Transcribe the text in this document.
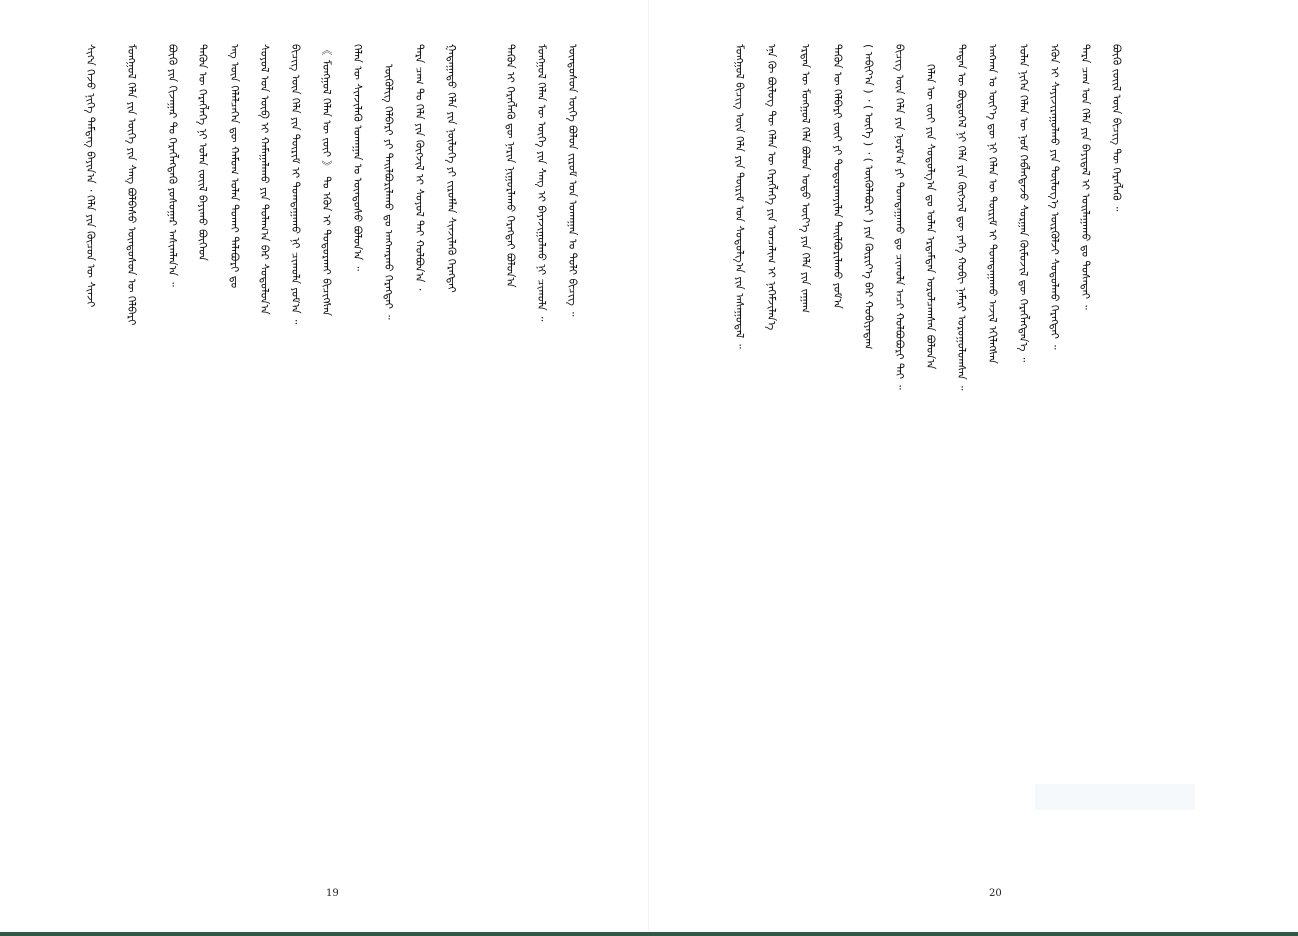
ᠰᠢᠭ᠌ᠠ ᠭᠡᠵᠦ ᠨᠢᠭᠡ ᠲᠡᠮᠳᠡᠭ ᠪᠠᠶᠢᠨ᠎ᠠ ᠂ ᠬᠡᠯᠡ ᠶᠢᠨ ᠬᠦᠴᠦᠨ ᠦ ᠰᠢᠨᠵᠢ	ᠮᠣᠩᠭᠣᠯ ᠬᠡᠯᠡ ᠶᠢᠨ ᠦᠭᠡ ᠶᠢᠨ ᠰᠠᠩ ᠪᠣᠯᠪᠠᠰᠤ ᠦᠨᠳᠦᠰᠦᠨ ᠦ ᠬᠡᠯᠪᠡᠷᠢ	ᠪᠦᠬᠦ ᠶᠢᠨ ᠬᠢᠵᠠᠭᠠᠷ ᠲᠤ ᠬᠡᠷᠡᠭᠯᠡᠭᠳᠡᠬᠦ ᠶᠣᠰᠣᠭᠠᠷ ᠠᠰᠢᠭᠯᠠᠨ᠎ᠠ ᠃ ᠲᠡᠭᠦᠨ ᠦ ᠬᠡᠷᠡᠭᠯᠡᠭᠡ ᠨᠢ ᠣᠯᠠᠨ ᠵᠦᠢᠯ ᠪᠠᠶᠢᠬᠤ ᠪᠥᠭᠡᠳ ᠡᠩ ᠦᠨ ᠬᠡᠯᠡᠯᠴᠡᠭᠡᠨ ᠳᠦ ᠬᠠᠮᠤᠭ ᠣᠯᠠᠨ ᠲᠤᠬᠠᠶ ᠲᠠᠯᠠᠪᠤᠷᠢ ᠳᠤ ᠰᠣᠶᠣᠯ ᠤᠨ ᠦᠪ ᠢ ᠬᠠᠮᠠᠭᠠᠯᠠᠬᠤ ᠶᠢᠨ ᠲᠤᠯᠠᠭ᠎ᠠ ᠪᠠᠷ ᠰᠤᠳᠤᠯᠤᠨ᠎ᠠ ᠪᠢᠴᠢᠭ ᠦᠨ ᠬᠡᠯᠡ ᠶᠢᠨ ᠳᠦᠷᠢᠮ ᠢ ᠲᠣᠭᠲᠠᠭᠠᠬᠤ ᠨᠢ ᠴᠢᠬᠤᠯᠠ ᠶᠤᠮ᠎ᠠ ᠃ 《 ᠮᠣᠩᠭᠣᠯ ᠬᠡᠯᠡᠨ ᠦ ᠵᠦᠢ 》 ᠲᠤ ᠡᠭᠦᠨ ᠢ ᠲᠣᠳᠣᠷᠬᠠᠶ ᠪᠢᠴᠢᠭᠰᠡᠨ ᠬᠡᠯᠡᠨ ᠦ ᠰᠢᠨᠵᠢᠯᠡᠬᠦ ᠤᠬᠠᠭᠠᠨ ᠤ ᠦᠨᠳᠦᠰᠦ ᠪᠣᠯᠤᠨ᠎ᠠ ᠃ ᠦᠬᠦᠯᠢᠭ ᠬᠡᠯᠪᠡᠷᠢ ᠶᠢ ᠲᠠᠢᠯᠪᠤᠷᠢᠯᠠᠬᠤ ᠳᠤ ᠠᠩᠬᠠᠷᠬᠤ ᠬᠡᠷᠡᠭᠲᠡᠶ ᠃ ᠲᠡᠷᠡ ᠴᠠᠭ ᠲᠤ ᠬᠡᠯᠡ ᠶᠢᠨ ᠬᠥᠭᠵᠢᠯ ᠢ ᠰᠣᠶᠣᠯ ᠲᠠᠢ ᠬᠣᠯᠪᠣᠨ᠎ᠠ ᠂ ᠭᠠᠳᠠᠭᠠᠳᠤ ᠬᠡᠯᠡ ᠶᠢᠨ ᠨᠥᠯᠦᠭᠡ ᠶᠢ ᠵᠢᠷᠤᠮᠯᠠᠨ ᠰᠢᠨᠵᠢᠯᠡᠬᠦ ᠬᠡᠷᠡᠭᠲᠡᠶ	ᠲᠡᠭᠦᠨ ᠢ ᠬᠡᠷᠡᠭᠯᠡᠬᠦ ᠳᠦ ᠨᠠᠷᠢᠨ ᠨᠢᠭᠤᠷᠯᠠᠬᠤ ᠬᠡᠷᠡᠭᠲᠡᠶ ᠪᠣᠯᠤᠨ᠎ᠠ ᠮᠣᠩᠭᠣᠯ ᠬᠡᠯᠡᠨ ᠦ ᠦᠭᠡ ᠶᠢᠨ ᠰᠠᠩ ᠢ ᠪᠠᠶᠠᠵᠢᠭᠤᠯᠬᠤ ᠨᠢ ᠴᠢᠬᠤᠯᠠ ᠃ ᠦᠨᠳᠦᠰᠦᠨ ᠦᠭᠡ ᠪᠣᠯᠤᠨ ᠵᠢᠷᠤᠮ ᠤᠨ ᠤᠬᠠᠭᠠᠨ ᠤ ᠲᠣᠯᠢ ᠪᠢᠴᠢᠭ ᠃
19
ᠮᠣᠩᠭᠣᠯ ᠪᠢᠴᠢᠭ ᠦᠨ ᠬᠡᠯᠡ ᠶᠢᠨ ᠳᠦᠷᠢᠮ ᠤᠨ ᠰᠤᠳᠤᠯᠭ᠎ᠠ ᠶᠢᠨ ᠠᠰᠠᠭᠤᠳᠠᠯ ᠃ ᠡᠨᠡ ᠬᠦ ᠪᠦᠯᠦᠭ ᠲᠦ ᠬᠡᠯᠡᠨ ᠦ ᠬᠡᠷᠡᠭᠯᠡᠭᠡ ᠶᠢᠨ ᠣᠨᠴᠠᠯᠢᠭ ᠢ ᠨᠡᠬᠡᠮᠵᠢᠯᠡᠨ᠎ᠡ ᠡᠷᠲᠡᠨ ᠦ ᠮᠣᠩᠭᠣᠯ ᠬᠡᠯᠡ ᠪᠣᠯᠤᠨ ᠣᠳᠣ ᠦᠶ᠎ᠡ ᠶᠢᠨ ᠬᠡᠯᠡ ᠶᠢᠨ ᠵᠠᠭᠠᠭ ᠲᠡᠭᠦᠨ ᠦ ᠬᠡᠯᠪᠡᠷᠢ ᠵᠦᠢ ᠶᠢ ᠲᠣᠳᠣᠷᠬᠠᠶᠢᠯᠠᠨ ᠲᠠᠢᠯᠪᠤᠷᠢᠯᠠᠬᠤ ᠶᠤᠮ᠎ᠠ ( ᠠᠪᠢᠶ᠎ᠠ ) ᠂ ( ᠦᠭᠡ ) ᠂ ( ᠥᠭᠦᠯᠡᠪᠦᠷᠢ ) ᠶᠢᠨ ᠬᠦᠷᠢᠶ᠎ᠡ ᠪᠡᠷ ᠬᠤᠪᠢᠶᠠᠳᠠᠭ ᠪᠢᠴᠢᠭ ᠦᠨ ᠬᠡᠯᠡ ᠶᠢᠨ ᠨᠣᠷᠮ᠎ᠠ ᠶᠢ ᠲᠣᠭᠲᠠᠭᠠᠬᠤ ᠳᠤ ᠴᠢᠬᠤᠯᠠ ᠠᠴᠢ ᠬᠣᠯᠪᠣᠪᠣᠷᠢ ᠲᠠᠢ ᠃ ᠬᠡᠯᠡᠨ ᠦ ᠵᠦᠢ ᠶᠢᠨ ᠰᠤᠳᠤᠯᠭ᠎ᠠ ᠳᠤ ᠣᠯᠠᠨ ᠡᠷᠳᠡᠮᠲᠡᠨ ᠣᠷᠣᠯᠴᠠᠭᠰᠠᠨ ᠪᠣᠯᠤᠨ᠎ᠠ ᠲᠡᠳᠡᠨ ᠦ ᠪᠦᠲᠦᠭᠡᠯ ᠨᠢ ᠬᠡᠯᠡ ᠶᠢᠨ ᠬᠥᠭᠵᠢᠯ ᠳᠦ ᠶᠡᠬᠡ ᠬᠤᠪᠢ ᠨᠡᠮᠡᠷᠢ ᠣᠷᠣᠭᠤᠯᠤᠭᠰᠠᠨ ᠃ ᠠᠩᠬᠠᠨ ᠤ ᠦᠶ᠎ᠡ ᠳᠦ ᠨᠢ ᠬᠡᠯᠡᠨ ᠦ ᠳᠦᠷᠢᠮ ᠢ ᠲᠣᠭᠲᠠᠭᠠᠬᠤ ᠠᠵᠢᠯ ᠡᠬᠢᠯᠡᠭᠰᠡᠨ ᠣᠯᠠᠨ ᠨᠢᠭᠡᠨ ᠬᠡᠯᠡᠨ ᠦ ᠨᠣᠮ ᠬᠡᠪᠯᠡᠭᠳᠡᠵᠦ ᠰᠤᠷᠭᠠᠨ ᠬᠦᠮᠦᠵᠢᠯ ᠳᠦ ᠬᠡᠷᠡᠭᠯᠡᠭᠳᠡᠨ᠎ᠡ ᠃ ᠡᠭᠦᠨ ᠢ ᠰᠠᠶᠢᠵᠢᠷᠠᠭᠤᠯᠬᠤ ᠶᠢᠨ ᠲᠥᠯᠦᠭ᠎ᠡ ᠦᠷᠭᠦᠯᠵᠢ ᠰᠤᠳᠤᠯᠬᠤ ᠬᠡᠷᠡᠭᠲᠡᠶ ᠃ ᠲᠡᠷᠡ ᠴᠠᠭ ᠤᠨ ᠬᠡᠯᠡ ᠶᠢᠨ ᠪᠠᠶᠢᠳᠠᠯ ᠢ ᠣᠢᠯᠠᠭᠠᠬᠤ ᠳᠤ ᠲᠤᠰᠠᠲᠠᠶ ᠃ ᠪᠦᠬᠦ ᠵᠦᠢᠯ ᠦᠨ ᠪᠢᠴᠢᠭ ᠲᠦ ᠬᠡᠷᠡᠭᠯᠡᠬᠦ ᠃
20
